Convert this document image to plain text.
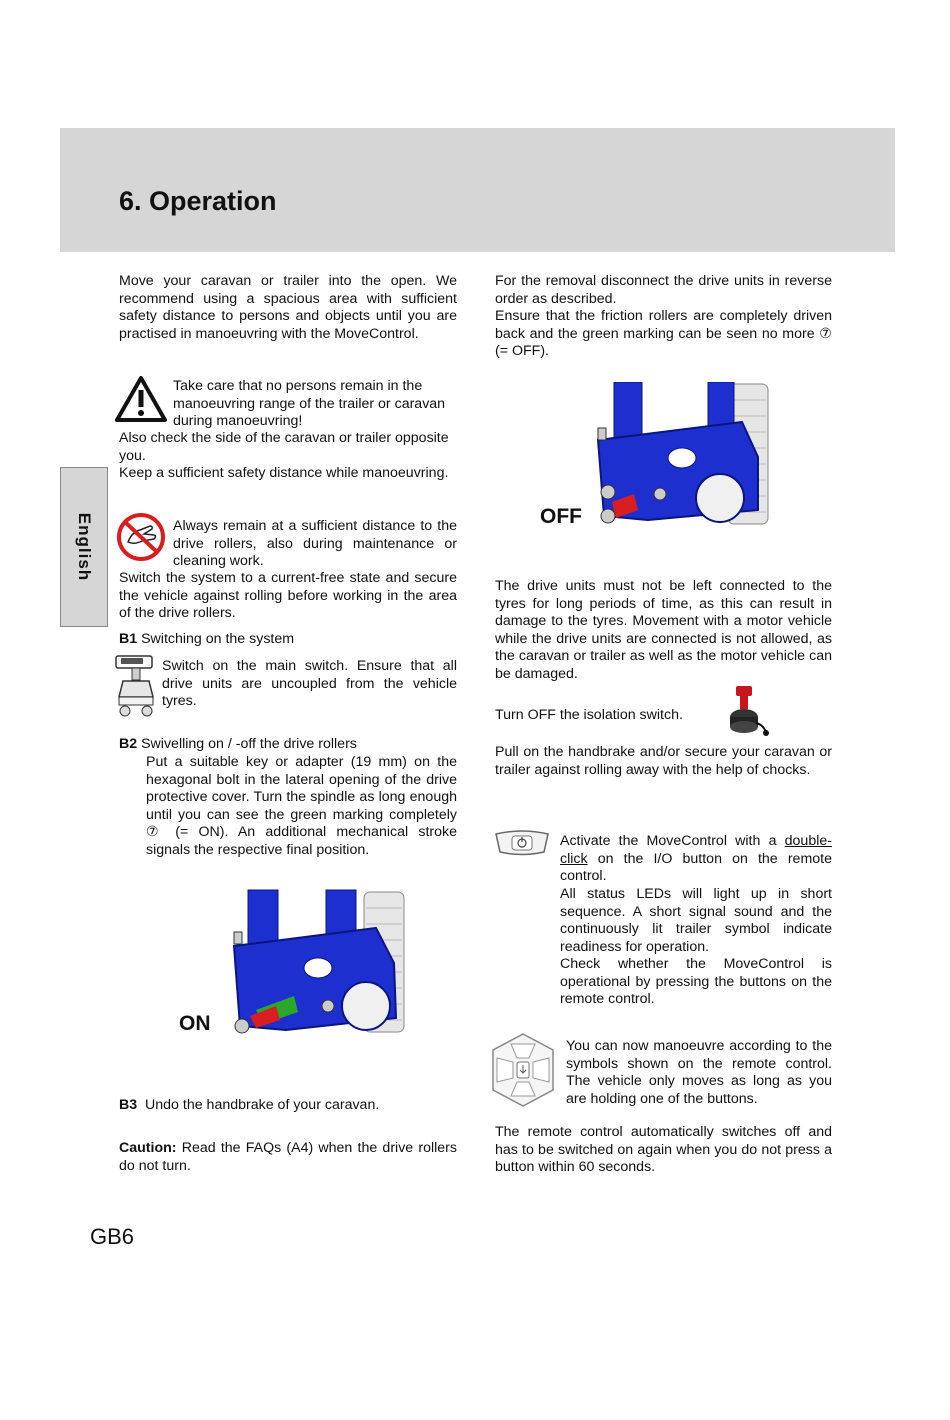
6. Operation
English

Move your caravan or trailer into the open. We recommend using a spacious area with sufficient safety distance to persons and objects until you are practised in manoeuvring with the MoveControl.

Take care that no persons remain in the manoeuvring range of the trailer or caravan during manoeuvring!

Also check the side of the caravan or trailer opposite you.

Keep a sufficient safety distance while manoeuvring.

Always remain at a sufficient distance to the drive rollers, also during maintenance or cleaning work.

Switch the system to a current-free state and secure the vehicle against rolling before working in the area of the drive rollers.

B1 Switching on the system

Switch on the main switch. Ensure that all drive units are uncoupled from the vehicle tyres.

B2 Swivelling on / -off the drive rollers

Put a suitable key or adapter (19 mm) on the hexagonal bolt in the lateral opening of the drive protective cover. Turn the spindle as long enough until you can see the green marking completely ⑦ (= ON). An additional mechanical stroke signals the respective final position.

ON

B3 Undo the handbrake of your caravan.

Caution: Read the FAQs (A4) when the drive rollers do not turn.

For the removal disconnect the drive units in reverse order as described.

Ensure that the friction rollers are completely driven back and the green marking can be seen no more ⑦ (= OFF).

OFF

The drive units must not be left connected to the tyres for long periods of time, as this can result in damage to the tyres. Movement with a motor vehicle while the drive units are connected is not allowed, as the caravan or trailer as well as the motor vehicle can be damaged.

Turn OFF the isolation switch.

Pull on the handbrake and/or secure your caravan or trailer against rolling away with the help of chocks.

Activate the MoveControl with a double-click on the I/O button on the remote control.

All status LEDs will light up in short sequence. A short signal sound and the continuously lit trailer symbol indicate readiness for operation.

Check whether the MoveControl is operational by pressing the buttons on the remote control.

You can now manoeuvre according to the symbols shown on the remote control. The vehicle only moves as long as you are holding one of the buttons.

The remote control automatically switches off and has to be switched on again when you do not press a button within 60 seconds.

GB6
